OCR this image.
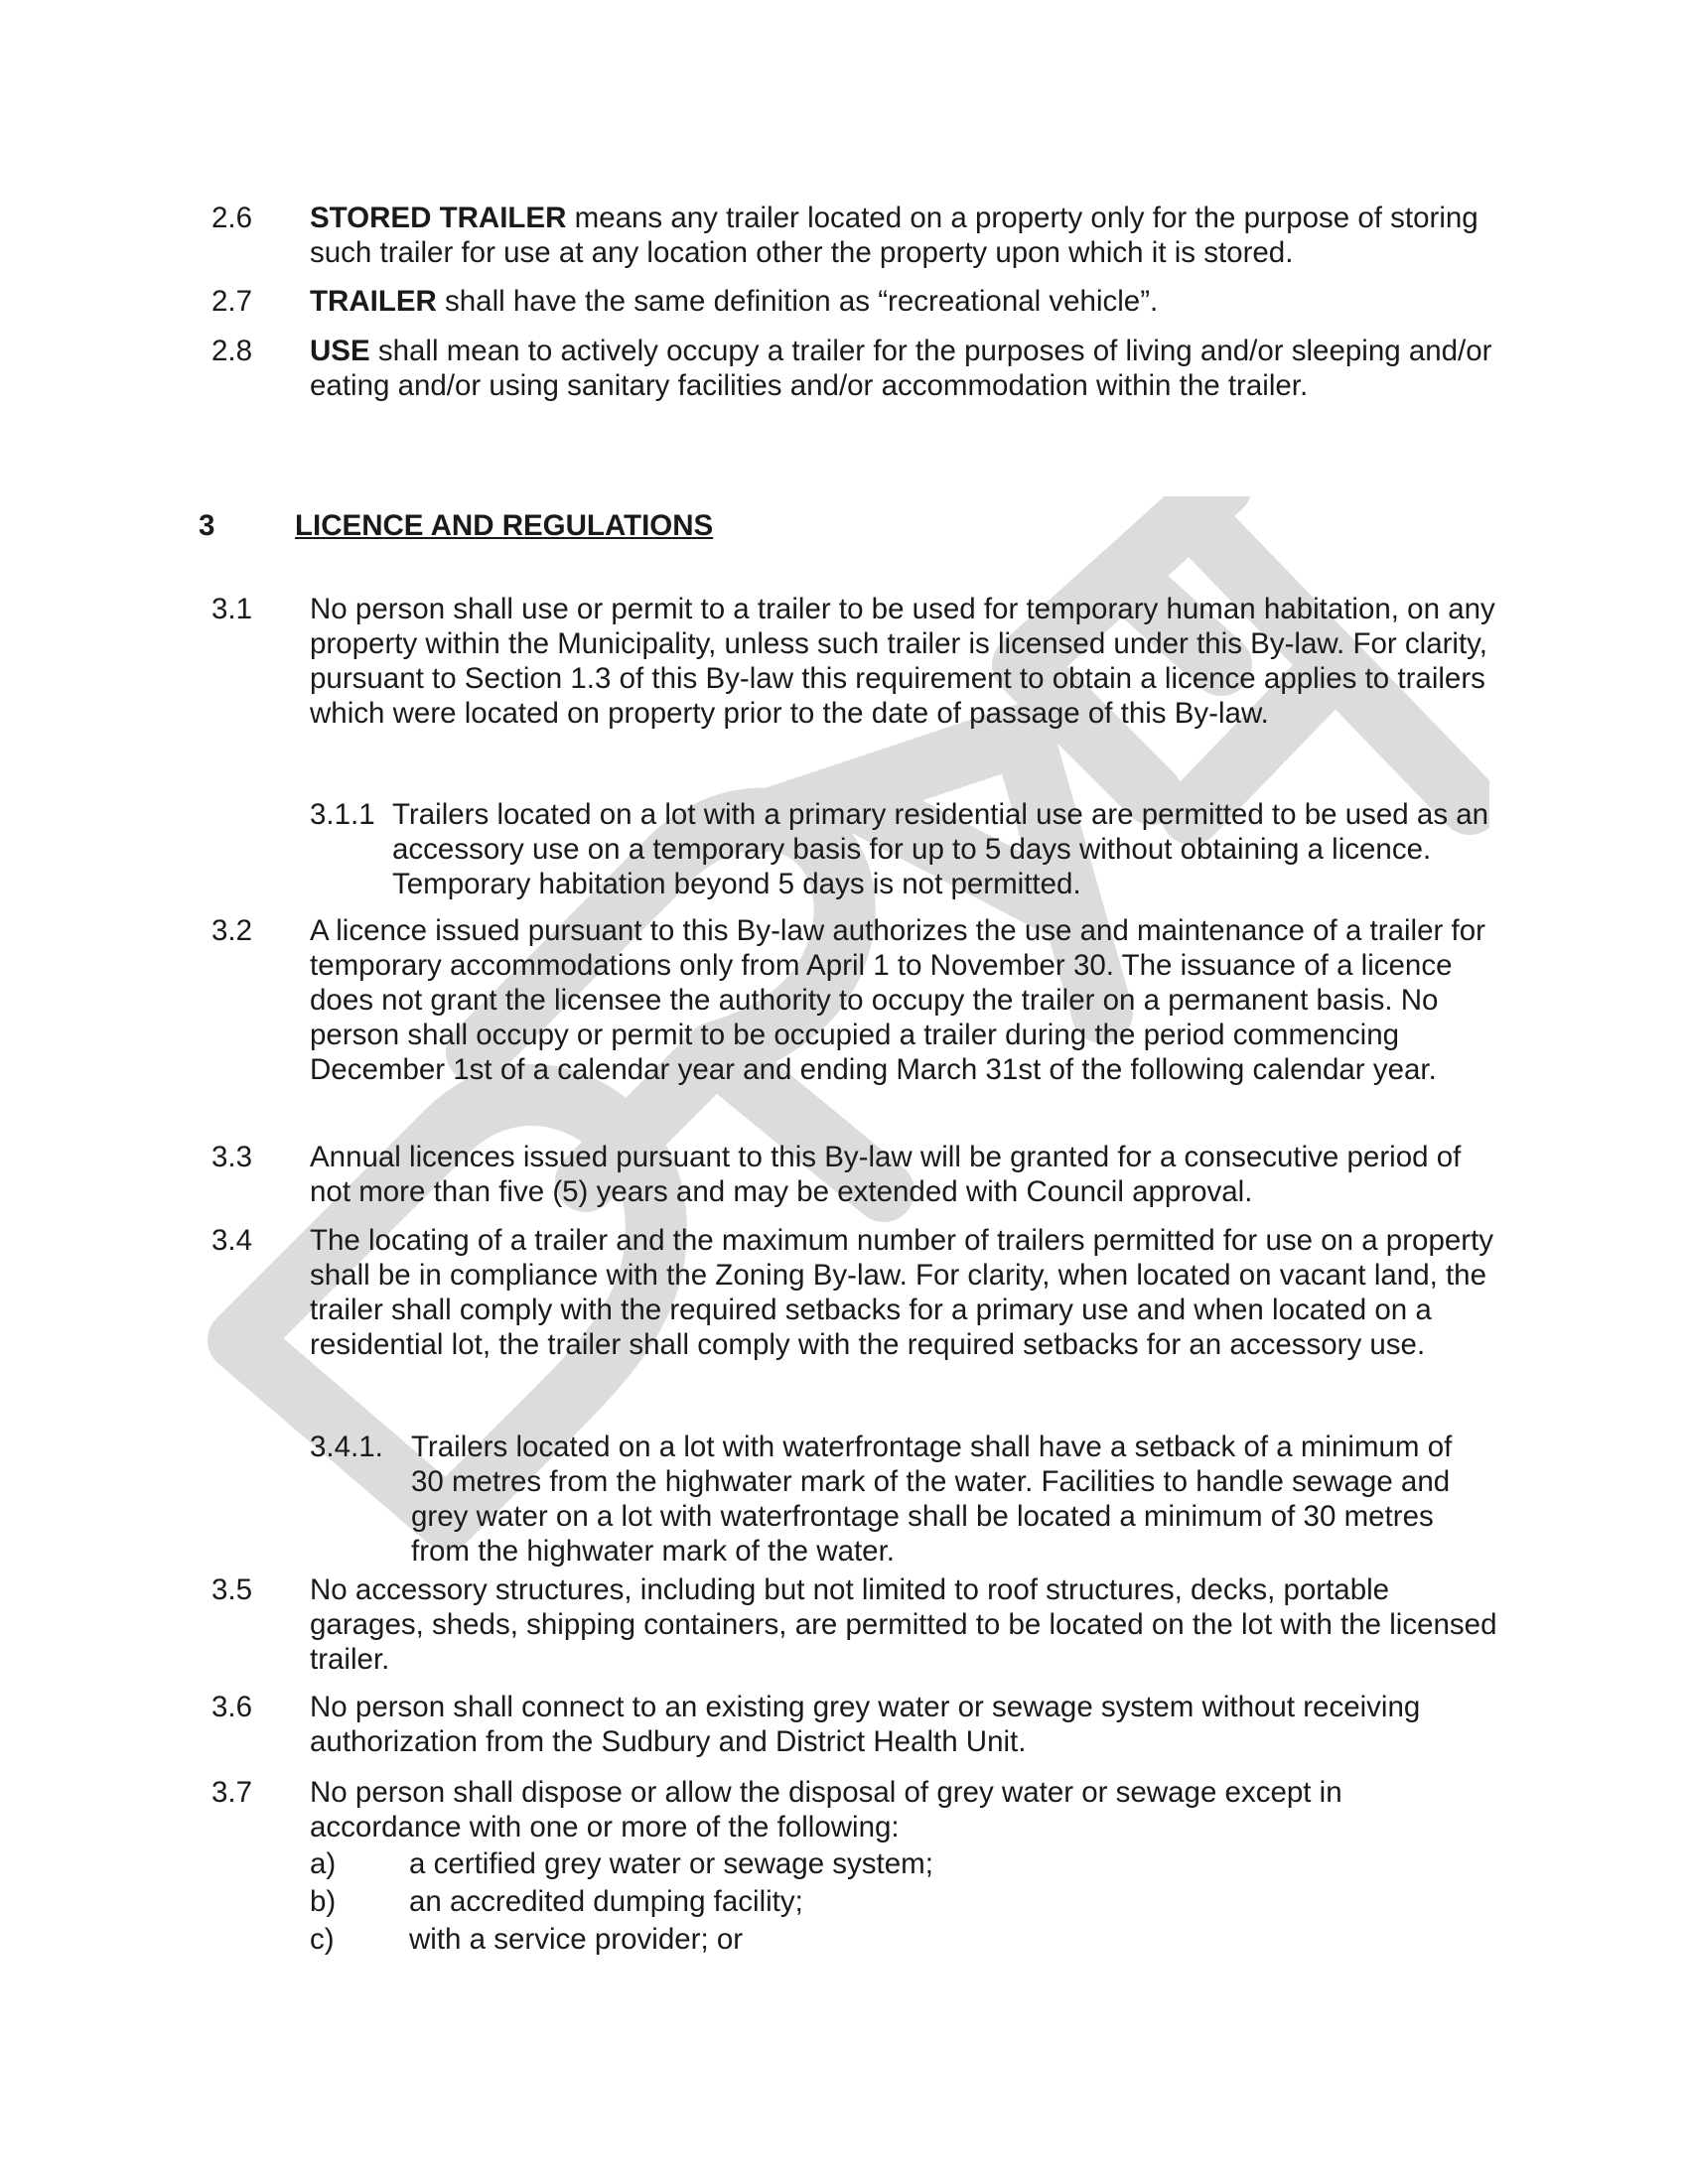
2.6 STORED TRAILER means any trailer located on a property only for the purpose of storing such trailer for use at any location other the property upon which it is stored.
2.7 TRAILER shall have the same definition as “recreational vehicle”.
2.8 USE shall mean to actively occupy a trailer for the purposes of living and/or sleeping and/or eating and/or using sanitary facilities and/or accommodation within the trailer.
3	LICENCE AND REGULATIONS
3.1 No person shall use or permit to a trailer to be used for temporary human habitation, on any property within the Municipality, unless such trailer is licensed under this By-law. For clarity, pursuant to Section 1.3 of this By-law this requirement to obtain a licence applies to trailers which were located on property prior to the date of passage of this By-law.
3.1.1 Trailers located on a lot with a primary residential use are permitted to be used as an accessory use on a temporary basis for up to 5 days without obtaining a licence. Temporary habitation beyond 5 days is not permitted.
3.2 A licence issued pursuant to this By-law authorizes the use and maintenance of a trailer for temporary accommodations only from April 1 to November 30. The issuance of a licence does not grant the licensee the authority to occupy the trailer on a permanent basis. No person shall occupy or permit to be occupied a trailer during the period commencing December 1st of a calendar year and ending March 31st of the following calendar year.
3.3 Annual licences issued pursuant to this By-law will be granted for a consecutive period of not more than five (5) years and may be extended with Council approval.
3.4 The locating of a trailer and the maximum number of trailers permitted for use on a property shall be in compliance with the Zoning By-law. For clarity, when located on vacant land, the trailer shall comply with the required setbacks for a primary use and when located on a residential lot, the trailer shall comply with the required setbacks for an accessory use.
3.4.1. Trailers located on a lot with waterfrontage shall have a setback of a minimum of 30 metres from the highwater mark of the water. Facilities to handle sewage and grey water on a lot with waterfrontage shall be located a minimum of 30 metres from the highwater mark of the water.
3.5 No accessory structures, including but not limited to roof structures, decks, portable garages, sheds, shipping containers, are permitted to be located on the lot with the licensed trailer.
3.6 No person shall connect to an existing grey water or sewage system without receiving authorization from the Sudbury and District Health Unit.
3.7 No person shall dispose or allow the disposal of grey water or sewage except in accordance with one or more of the following:
a)	a certified grey water or sewage system;
b)	an accredited dumping facility;
c)	with a service provider; or
